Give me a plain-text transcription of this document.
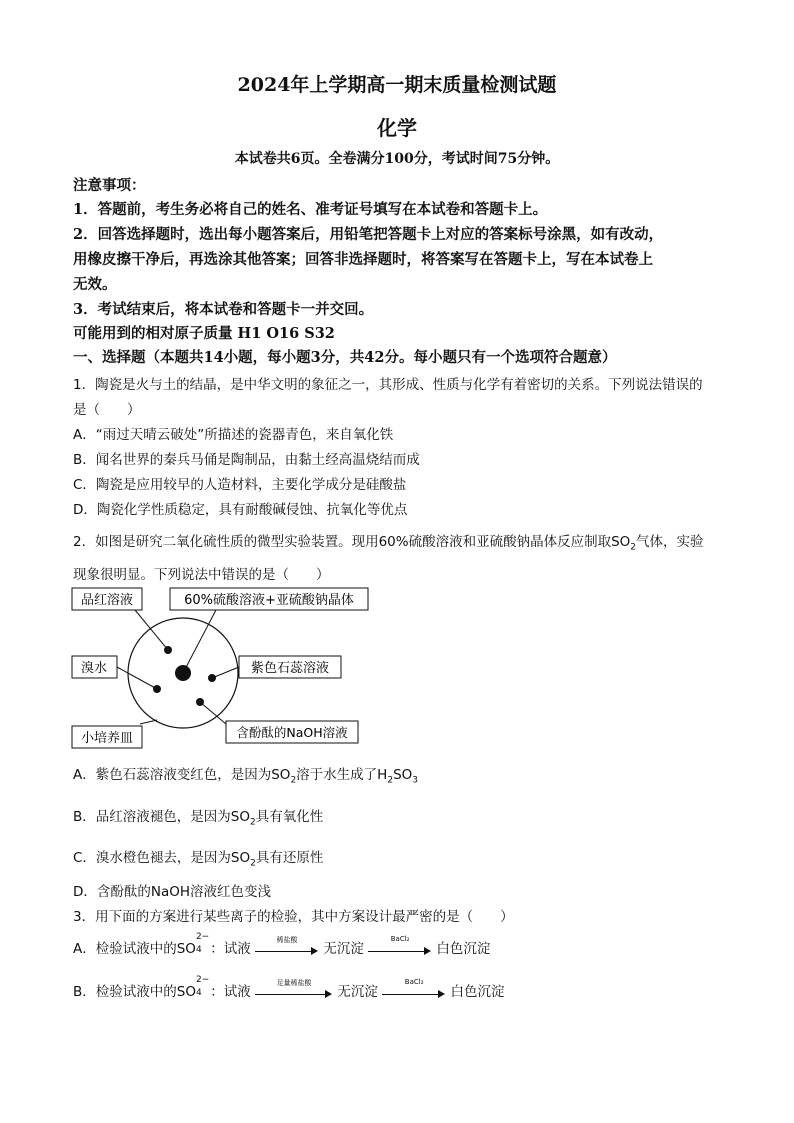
2024年上学期高一期末质量检测试题
化学
本试卷共6页。全卷满分100分，考试时间75分钟。
注意事项：
1．答题前，考生务必将自己的姓名、准考证号填写在本试卷和答题卡上。
2．回答选择题时，选出每小题答案后，用铅笔把答题卡上对应的答案标号涂黑，如有改动，
用橡皮擦干净后，再选涂其他答案；回答非选择题时，将答案写在答题卡上，写在本试卷上
无效。
3．考试结束后，将本试卷和答题卡一并交回。
可能用到的相对原子质量 H1 O16 S32
一、选择题（本题共14小题，每小题3分，共42分。每小题只有一个选项符合题意）
1．陶瓷是火与土的结晶，是中华文明的象征之一，其形成、性质与化学有着密切的关系。下列说法错误的
是（　　）
A．“雨过天晴云破处”所描述的瓷器青色，来自氧化铁
B．闻名世界的秦兵马俑是陶制品，由黏土经高温烧结而成
C．陶瓷是应用较早的人造材料，主要化学成分是硅酸盐
D．陶瓷化学性质稳定，具有耐酸碱侵蚀、抗氧化等优点
2．如图是研究二氧化硫性质的微型实验装置。现用60%硫酸溶液和亚硫酸钠晶体反应制取$SO_2$气体，实验
现象很明显。下列说法中错误的是（　　）
品红溶液	60%硫酸溶液+亚硫酸钠晶体
溴水	紫色石蕊溶液
小培养皿	含酚酞的NaOH溶液
A．紫色石蕊溶液变红色，是因为$SO_2$溶于水生成了$H_2SO_3$
B．品红溶液褪色，是因为$SO_2$具有氧化性
C．溴水橙色褪去，是因为$SO_2$具有还原性
D．含酚酞的NaOH溶液红色变浅
3．用下面的方案进行某些离子的检验，其中方案设计最严密的是（　　）
A．检验试液中的SO
2−
4 ：试液
稀盐酸
无沉淀
BaCl₂
白色沉淀
B．检验试液中的SO
2−
4 ：试液
足量稀盐酸
无沉淀
BaCl₂
白色沉淀
